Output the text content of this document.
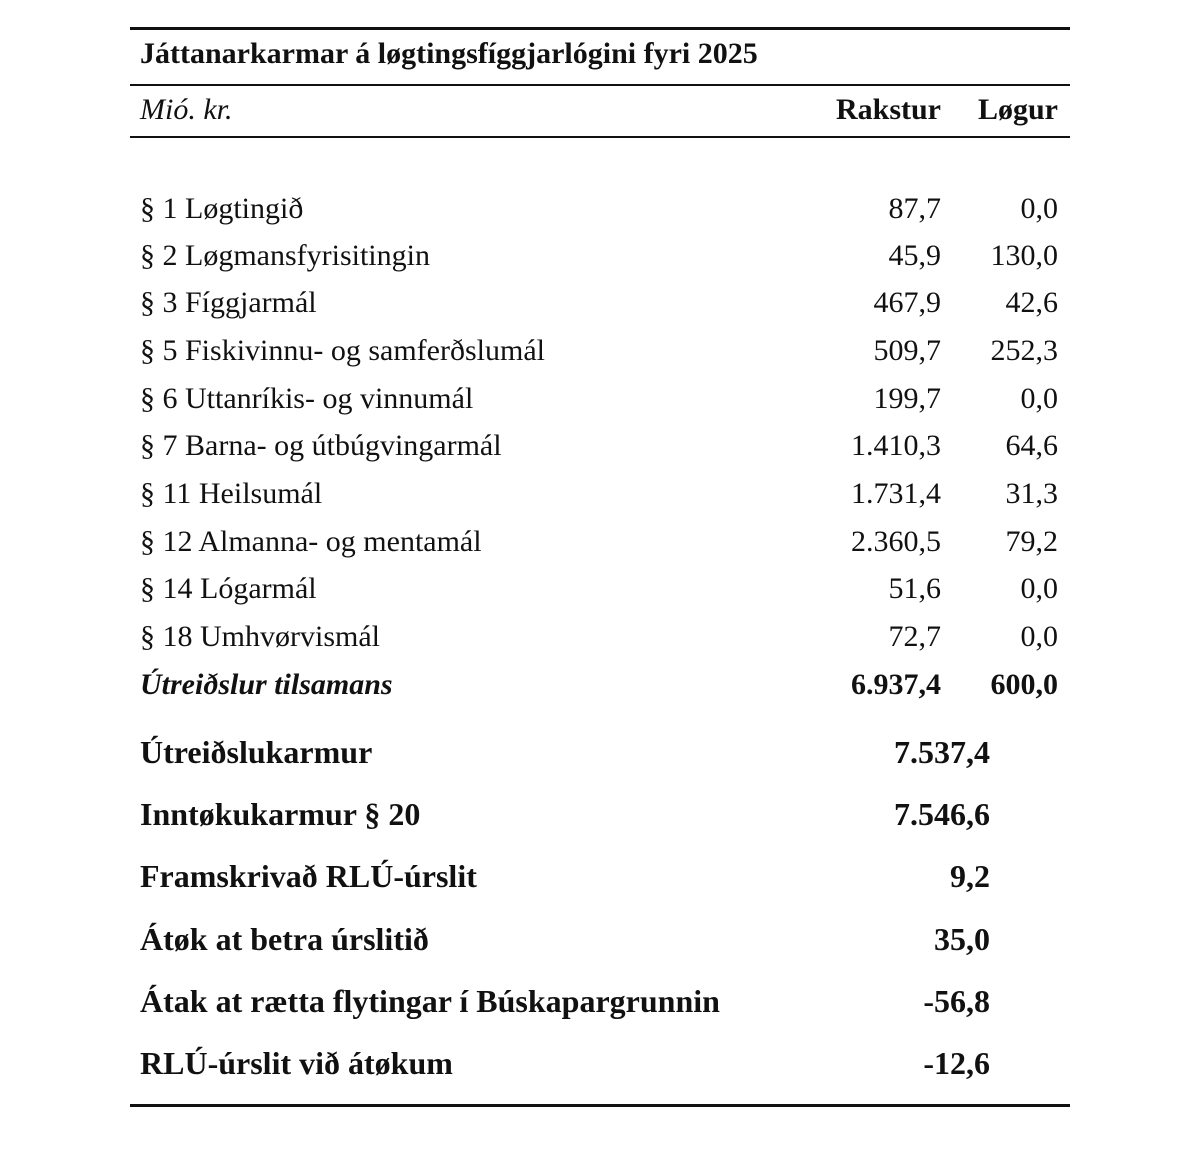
Játtanarkarmar á løgtingsfíggjarlógini fyri 2025
Mió. kr.	Rakstur Løgur
§ 1 Løgtingið	87,7	0,0
§ 2 Løgmansfyrisitingin	45,9 130,0
§ 3 Fíggjarmál	467,9 42,6
§ 5 Fiskivinnu- og samferðslumál	509,7 252,3
§ 6 Uttanríkis- og vinnumál	199,7	0,0
§ 7 Barna- og útbúgvingarmál	1.410,3 64,6
§ 11 Heilsumál	1.731,4 31,3
§ 12 Almanna- og mentamál	2.360,5 79,2
§ 14 Lógarmál	51,6	0,0
§ 18 Umhvørvismál	72,7	0,0
Útreiðslur tilsamans	6.937,4 600,0
Útreiðslukarmur	7.537,4
Inntøkukarmur § 20	7.546,6
Framskrivað RLÚ-úrslit	9,2
Átøk at betra úrslitið	35,0
Átak at rætta flytingar í Búskapargrunnin	-56,8
RLÚ-úrslit við átøkum	-12,6
